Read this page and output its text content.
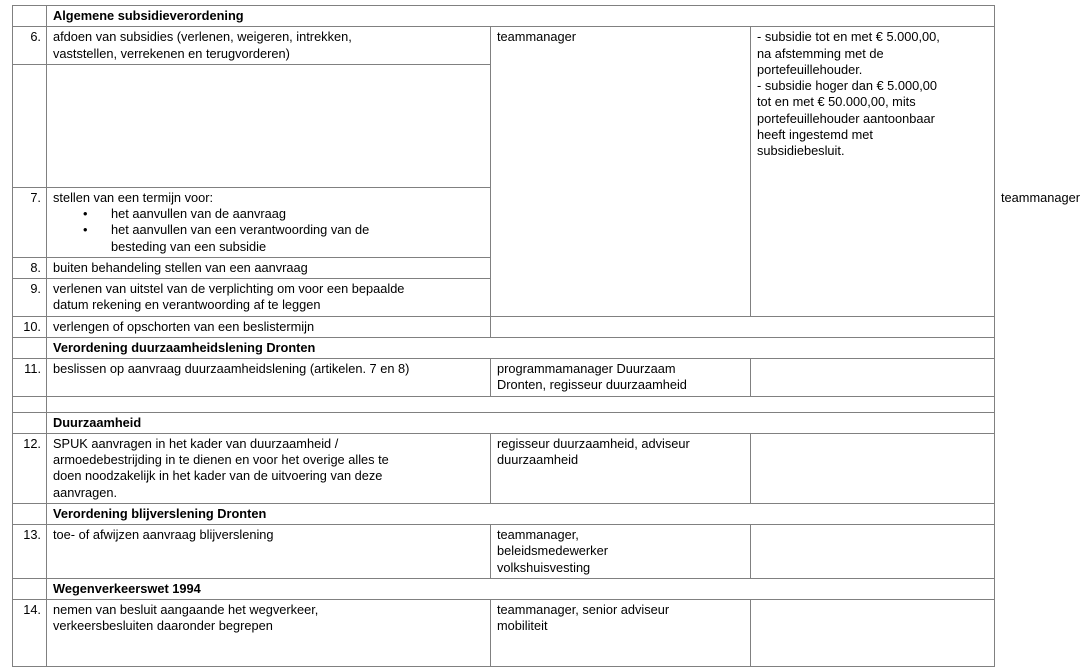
	Algemene subsidieverordening			
6.	afdoen van subsidies (verlenen, weigeren, intrekken,
vaststellen, verrekenen en terugvorderen)
	teammanager	- subsidie tot en met € 5.000,00,
na afstemming met de
portefeuillehouder.
- subsidie hoger dan € 5.000,00
tot en met € 50.000,00, mits
portefeuillehouder aantoonbaar
heeft ingestemd met
subsidiebesluit.

7.	stellen van een termijn voor:
• het aanvullen van de aanvraag
• het aanvullen van een verantwoording van de
besteding van een subsidie
	teammanager	
8.	buiten behandeling stellen van een aanvraag			

9.	verlenen van uitstel van de verplichting om voor een bepaalde
datum rekening en verantwoording af te leggen			

10.	verlengen of opschorten van een beslistermijn			

	Verordening duurzaamheidslening Dronten			
11.	beslissen op aanvraag duurzaamheidslening (artikelen. 7 en 8)	programmamanager Duurzaam
Dronten, regisseur duurzaamheid		

	Duurzaamheid			
12.	SPUK aanvragen in het kader van duurzaamheid /
armoedebestrijding in te dienen en voor het overige alles te
doen noodzakelijk in het kader van de uitvoering van deze
aanvragen.	regisseur duurzaamheid, adviseur
duurzaamheid		

	Verordening blijverslening Dronten			
13.	toe- of afwijzen aanvraag blijverslening	teammanager,
beleidsmedewerker
volkshuisvesting		

	Wegenverkeerswet 1994			
14.	nemen van besluit aangaande het wegverkeer,
verkeersbesluiten daaronder begrepen	teammanager, senior adviseur
mobiliteit		
